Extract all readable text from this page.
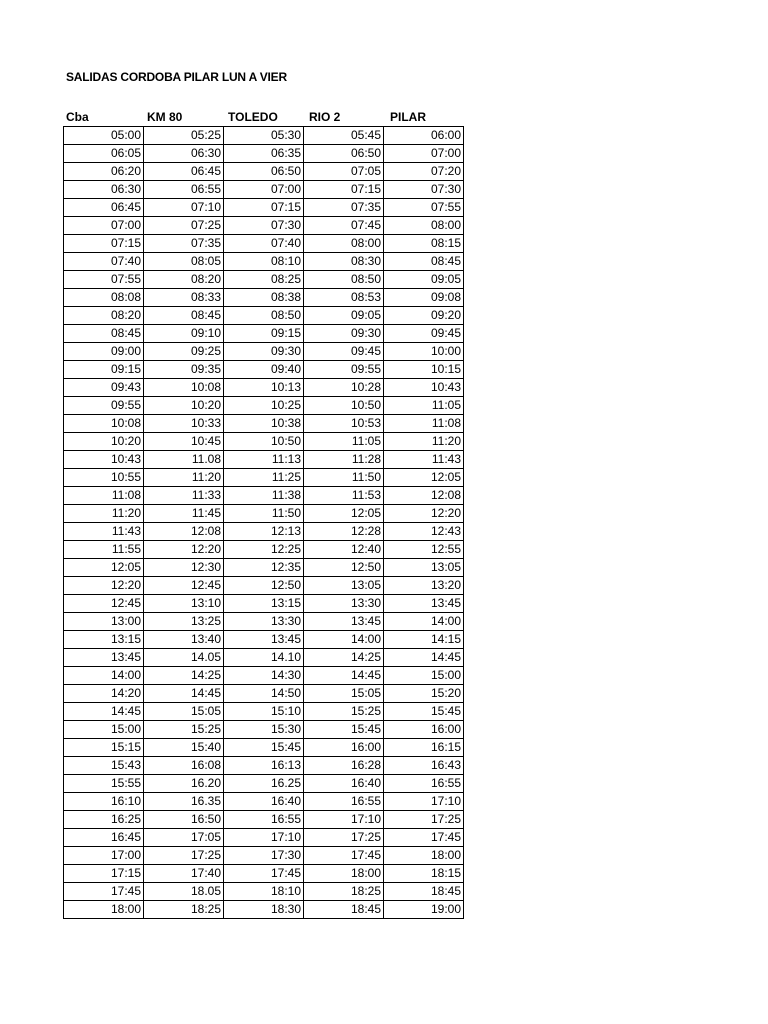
SALIDAS CORDOBA PILAR LUN A VIER
Cba	KM 80	TOLEDO	RIO 2	PILAR
05:00	05:25	05:30	05:45	06:00
06:05	06:30	06:35	06:50	07:00
06:20	06:45	06:50	07:05	07:20
06:30	06:55	07:00	07:15	07:30
06:45	07:10	07:15	07:35	07:55
07:00	07:25	07:30	07:45	08:00
07:15	07:35	07:40	08:00	08:15
07:40	08:05	08:10	08:30	08:45
07:55	08:20	08:25	08:50	09:05
08:08	08:33	08:38	08:53	09:08
08:20	08:45	08:50	09:05	09:20
08:45	09:10	09:15	09:30	09:45
09:00	09:25	09:30	09:45	10:00
09:15	09:35	09:40	09:55	10:15
09:43	10:08	10:13	10:28	10:43
09:55	10:20	10:25	10:50	11:05
10:08	10:33	10:38	10:53	11:08
10:20	10:45	10:50	11:05	11:20
10:43	11.08	11:13	11:28	11:43
10:55	11:20	11:25	11:50	12:05
11:08	11:33	11:38	11:53	12:08
11:20	11:45	11:50	12:05	12:20
11:43	12:08	12:13	12:28	12:43
11:55	12:20	12:25	12:40	12:55
12:05	12:30	12:35	12:50	13:05
12:20	12:45	12:50	13:05	13:20
12:45	13:10	13:15	13:30	13:45
13:00	13:25	13:30	13:45	14:00
13:15	13:40	13:45	14:00	14:15
13:45	14.05	14.10	14:25	14:45
14:00	14:25	14:30	14:45	15:00
14:20	14:45	14:50	15:05	15:20
14:45	15:05	15:10	15:25	15:45
15:00	15:25	15:30	15:45	16:00
15:15	15:40	15:45	16:00	16:15
15:43	16:08	16:13	16:28	16:43
15:55	16.20	16.25	16:40	16:55
16:10	16.35	16:40	16:55	17:10
16:25	16:50	16:55	17:10	17:25
16:45	17:05	17:10	17:25	17:45
17:00	17:25	17:30	17:45	18:00
17:15	17:40	17:45	18:00	18:15
17:45	18.05	18:10	18:25	18:45
18:00	18:25	18:30	18:45	19:00
